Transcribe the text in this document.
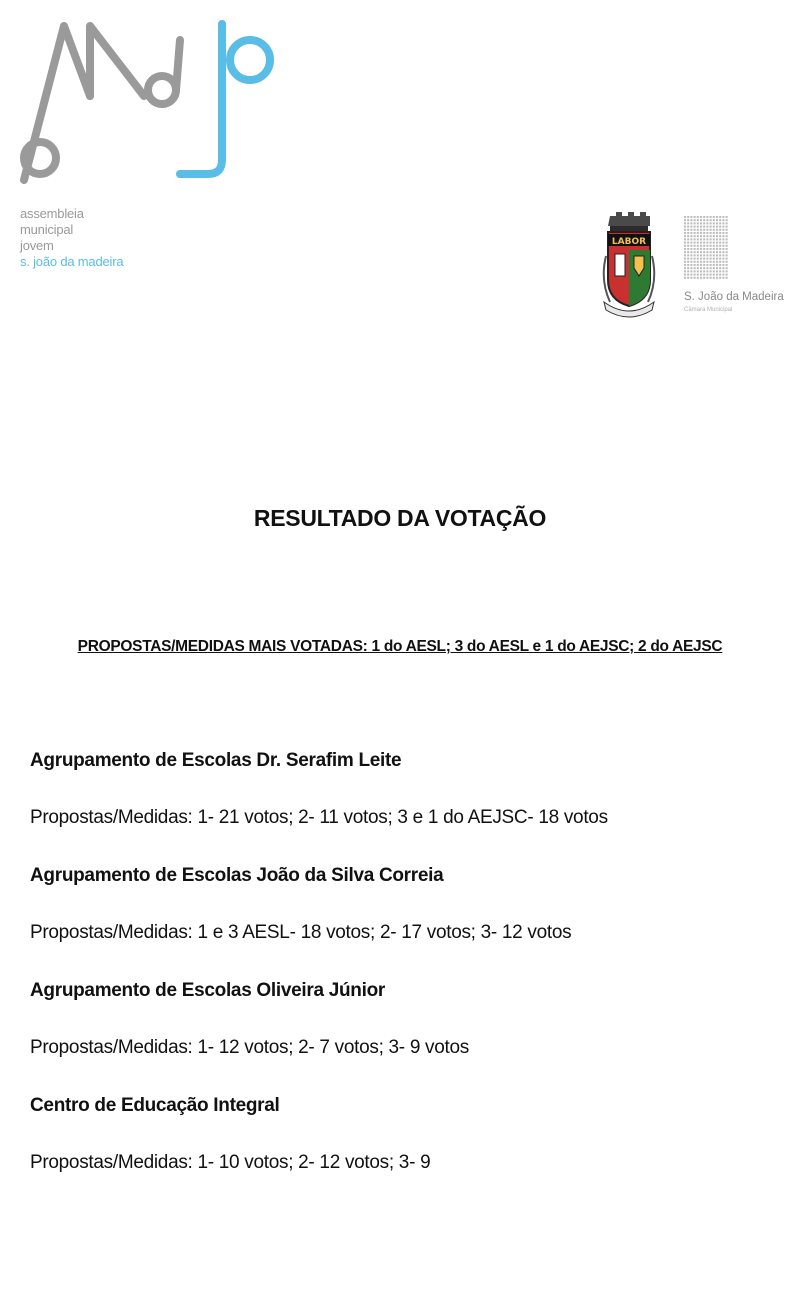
assembleia
municipal
jovem
s. joão da madeira
LABOR
S. João da Madeira
Câmara Municipal
RESULTADO DA VOTAÇÃO
PROPOSTAS/MEDIDAS MAIS VOTADAS: 1 do AESL; 3 do AESL e 1 do AEJSC; 2 do AEJSC
Agrupamento de Escolas Dr. Serafim Leite
Propostas/Medidas: 1- 21 votos; 2- 11 votos; 3 e 1 do AEJSC- 18 votos
Agrupamento de Escolas João da Silva Correia
Propostas/Medidas: 1 e 3 AESL- 18 votos; 2- 17 votos; 3- 12 votos
Agrupamento de Escolas Oliveira Júnior
Propostas/Medidas: 1- 12 votos; 2- 7 votos; 3- 9 votos
Centro de Educação Integral
Propostas/Medidas: 1- 10 votos; 2- 12 votos; 3- 9
